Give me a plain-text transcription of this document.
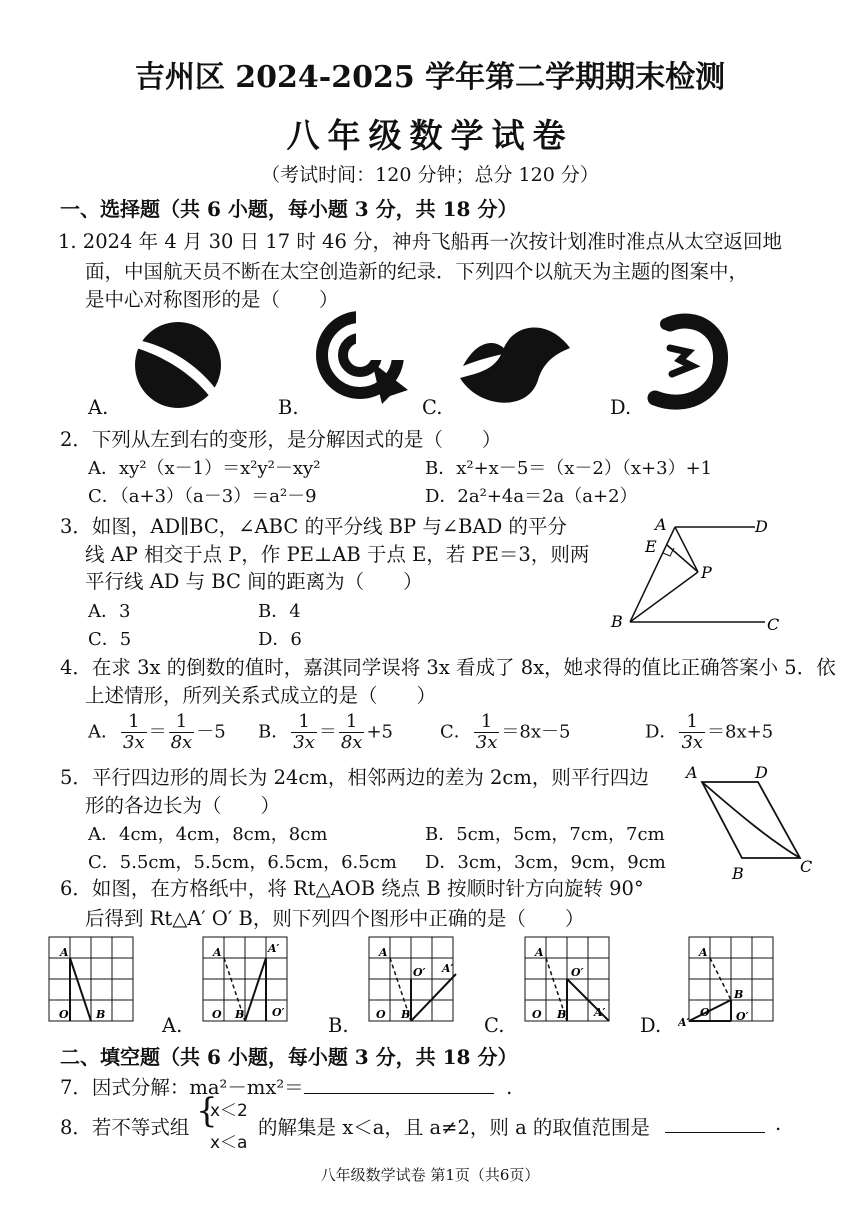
吉州区 2024-2025 学年第二学期期末检测
八年级数学试卷
（考试时间：120 分钟；总分 120 分）
一、选择题（共 6 小题，每小题 3 分，共 18 分）
1. 2024 年 4 月 30 日 17 时 46 分，神舟飞船再一次按计划准时准点从太空返回地
面，中国航天员不断在太空创造新的纪录．下列四个以航天为主题的图案中，
是中心对称图形的是（　　）
A.	B.	C.	D.
2．下列从左到右的变形，是分解因式的是（　　）
A．xy²（x－1）＝x²y²－xy²	B．x²+x－5＝（x－2）（x+3）+1
C．（a+3）（a－3）＝a²－9	D．2a²+4a＝2a（a+2）
3．如图，AD∥BC，∠ABC 的平分线 BP 与∠BAD 的平分
线 AP 相交于点 P，作 PE⊥AB 于点 E，若 PE＝3，则两
平行线 AD 与 BC 间的距离为（　　）
A．3	B．4
C．5	D．6
A	D
E
P
B	C
4．在求 3x 的倒数的值时，嘉淇同学误将 3x 看成了 8x，她求得的值比正确答案小 5．依
上述情形，所列关系式成立的是（　　）
A． $\frac{1}{3x} = \frac{1}{8x} -5$ B． $\frac{1}{3x} = \frac{1}{8x} +5$	C． $\frac{1}{3x} =8x-5$	D． $\frac{1}{3x} =8x+5$
5．平行四边形的周长为 24cm，相邻两边的差为 2cm，则平行四边
形的各边长为（　　）
A．4cm，4cm，8cm，8cm	B．5cm，5cm，7cm，7cm
C．5.5cm，5.5cm，6.5cm，6.5cm D．3cm，3cm，9cm，9cm
A	D
B	C
6．如图，在方格纸中，将 Rt△AOB 绕点 B 按顺时针方向旋转 90°
后得到 Rt△A′ O′ B，则下列四个图形中正确的是（　　）
A
O B
A	A′
O B	O′
A.
A
O′ A′
O B
B.
A
O′
O B	A′
C.
A
B
O
A′	O′
D.
二、填空题（共 6 小题，每小题 3 分，共 18 分）
7．因式分解：ma²－mx²＝	.
8．若不等式组 {
x＜2
x＜a
的解集是 x＜a，且 a≠2，则 a 的取值范围是	.
八年级数学试卷 第1页（共6页）
